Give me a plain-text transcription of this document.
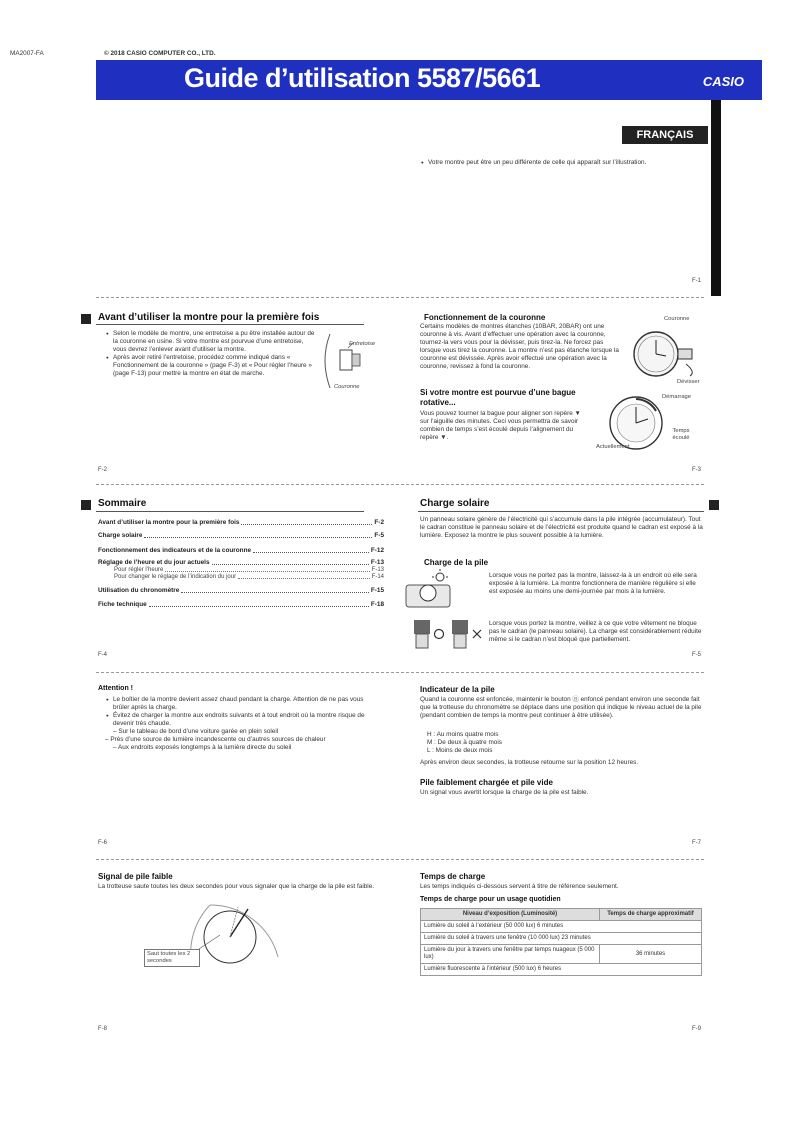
MA2007-FA	© 2018 CASIO COMPUTER CO., LTD.
Guide d’utilisation 5587/5661	CASIO
FRANÇAIS
● Votre montre peut être un peu différente de celle qui apparaît sur l’illustration.
F-1
Avant d’utiliser la montre pour la première fois
● Selon le modèle de montre, une entretoise a pu être installée autour de la couronne en usine. Si votre montre est pourvue d’une entretoise, vous devrez l’enlever avant d’utiliser la montre.
● Après avoir retiré l’entretoise, procédez comme indiqué dans « Fonctionnement de la couronne » (page F-3) et « Pour régler l’heure » (page F-13) pour mettre la montre en état de marche.
Entretoise
Couronne
F-2
Fonctionnement de la couronne
Certains modèles de montres étanches (10BAR, 20BAR) ont une couronne à vis. Avant d’effectuer une opération avec la couronne, tournez-la vers vous pour la dévisser, puis tirez-la. Ne forcez pas lorsque vous tirez la couronne. La montre n’est pas étanche lorsque la couronne est dévissée. Après avoir effectué une opération avec la couronne, revissez à fond la couronne.
Couronne
Dévisser
Si votre montre est pourvue d’une bague rotative...
Vous pouvez tourner la bague pour aligner son repère ▼ sur l’aiguille des minutes. Ceci vous permettra de savoir combien de temps s’est écoulé depuis l’alignement du repère ▼.
Démarrage
Temps écoulé
Actuellement
F-3
Sommaire
Avant d’utiliser la montre pour la première fois	F-2
Charge solaire	F-5
Fonctionnement des indicateurs et de la couronne	F-12
Réglage de l’heure et du jour actuels	F-13
Pour régler l’heure	F-13
Pour changer le réglage de l’indication du jour	F-14
Utilisation du chronomètre	F-15
Fiche technique	F-18
F-4
Charge solaire
Un panneau solaire génère de l’électricité qui s’accumule dans la pile intégrée (accumulateur). Tout le cadran constitue le panneau solaire et de l’électricité est produite quand le cadran est exposé à la lumière. Exposez la montre le plus souvent possible à la lumière.
Charge de la pile
Lorsque vous ne portez pas la montre, laissez-la à un endroit où elle sera exposée à la lumière. La montre fonctionnera de manière régulière si elle est exposée au moins une demi-journée par mois à la lumière.
Lorsque vous portez la montre, veillez à ce que votre vêtement ne bloque pas le cadran (le panneau solaire). La charge est considérablement réduite même si le cadran n’est bloqué que partiellement.
F-5
Attention !
● Le boîtier de la montre devient assez chaud pendant la charge. Attention de ne pas vous brûler après la charge.
● Évitez de charger la montre aux endroits suivants et à tout endroit où la montre risque de devenir très chaude.
– Sur le tableau de bord d’une voiture garée en plein soleil
– Près d’une source de lumière incandescente ou d’autres sources de chaleur
– Aux endroits exposés longtemps à la lumière directe du soleil
F-6
Indicateur de la pile
Quand la couronne est enfoncée, maintenir le bouton Ⓑ enfoncé pendant environ une seconde fait que la trotteuse du chronomètre se déplace dans une position qui indique le niveau actuel de la pile (pendant combien de temps la montre peut continuer à être utilisée).
H : Au moins quatre mois
M : De deux à quatre mois
L : Moins de deux mois
Après environ deux secondes, la trotteuse retourne sur la position 12 heures.
Pile faiblement chargée et pile vide
Un signal vous avertit lorsque la charge de la pile est faible.
F-7
Signal de pile faible
La trotteuse saute toutes les deux secondes pour vous signaler que la charge de la pile est faible.
Saut toutes les 2 secondes
F-8
Temps de charge
Les temps indiqués ci-dessous servent à titre de référence seulement.
Temps de charge pour un usage quotidien
Niveau d’exposition (Luminosité)	Temps de charge approximatif
Lumière du soleil à l’extérieur (50 000 lux) 6 minutes	
Lumière du soleil à travers une fenêtre (10 000 lux) 23 minutes	
Lumière du jour à travers une fenêtre par temps nuageux (5 000 lux)	36 minutes
Lumière fluorescente à l’intérieur (500 lux) 6 heures	
F-9
